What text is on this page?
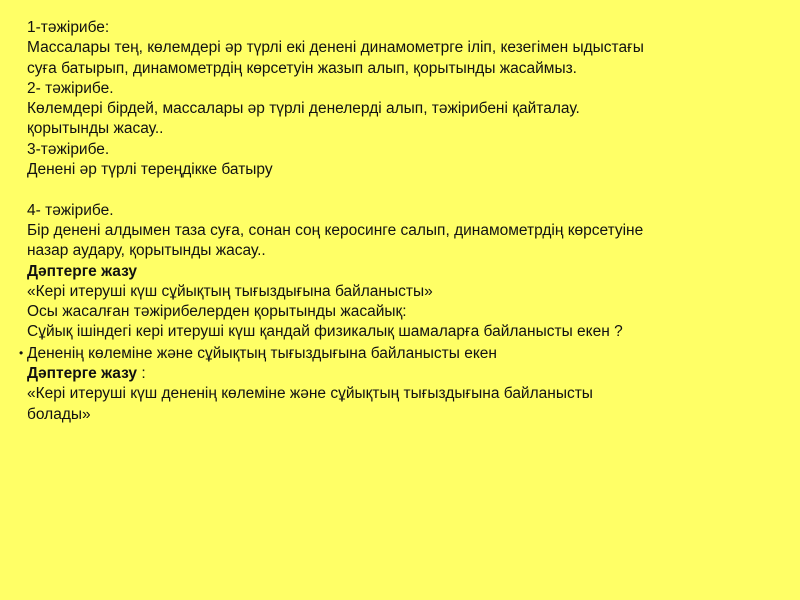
1-тәжірибе:
Массалары тең, көлемдері әр түрлі екі денені динамометрге іліп, кезегімен ыдыстағы
суға батырып, динамометрдің көрсетуін жазып алып, қорытынды жасаймыз.
2- тәжірибе.
Көлемдері бірдей, массалары әр түрлі денелерді алып, тәжірибені қайталау.
қорытынды жасау..
3-тәжірибе.
Денені әр түрлі тереңдікке батыру
4- тәжірибе.
Бір денені алдымен таза суға, сонан соң керосинге салып, динамометрдің көрсетуіне
назар аудару, қорытынды жасау..
Дәптерге жазу
«Кері итеруші күш сұйықтың тығыздығына байланысты»
Осы жасалған тәжірибелерден қорытынды жасайық:
Сұйық ішіндегі кері итеруші күш қандай физикалық шамаларға байланысты екен ?
• Дененің көлеміне және сұйықтың тығыздығына байланысты екен
Дәптерге жазу :
«Кері итеруші күш дененің көлеміне және сұйықтың тығыздығына байланысты
болады»
